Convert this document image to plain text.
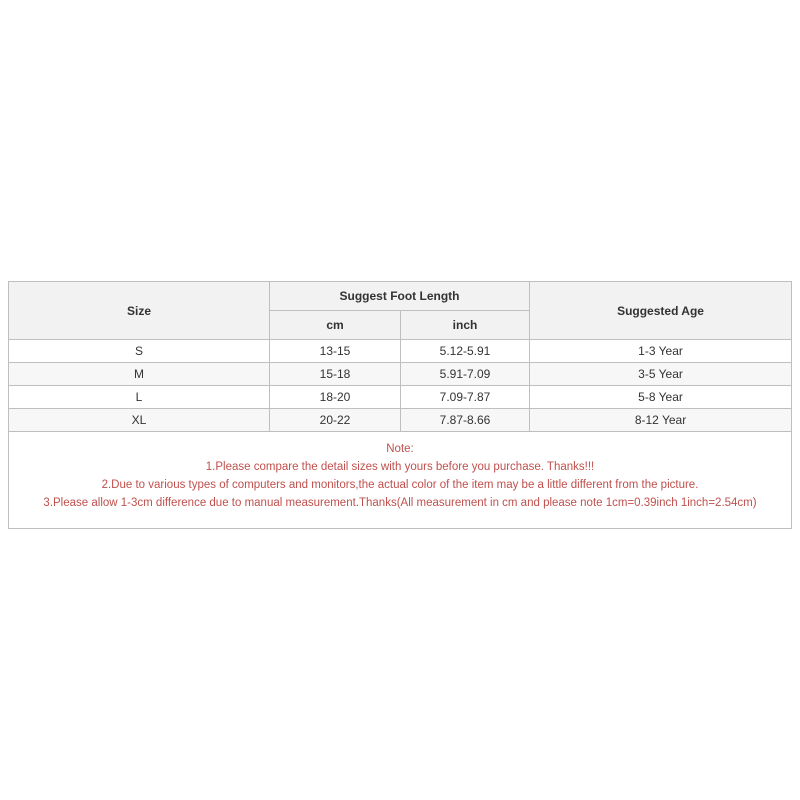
Size	Suggest Foot Length		Suggested Age
	cm	inch	
S	13-15	5.12-5.91	1-3 Year
M	15-18	5.91-7.09	3-5 Year
L	18-20	7.09-7.87	5-8 Year
XL	20-22	7.87-8.66	8-12 Year

Note:
1.Please compare the detail sizes with yours before you purchase. Thanks!!!
2.Due to various types of computers and monitors,the actual color of the item may be a little different from the picture.
3.Please allow 1-3cm difference due to manual measurement.Thanks(All measurement in cm and please note 1cm=0.39inch 1inch=2.54cm)			
